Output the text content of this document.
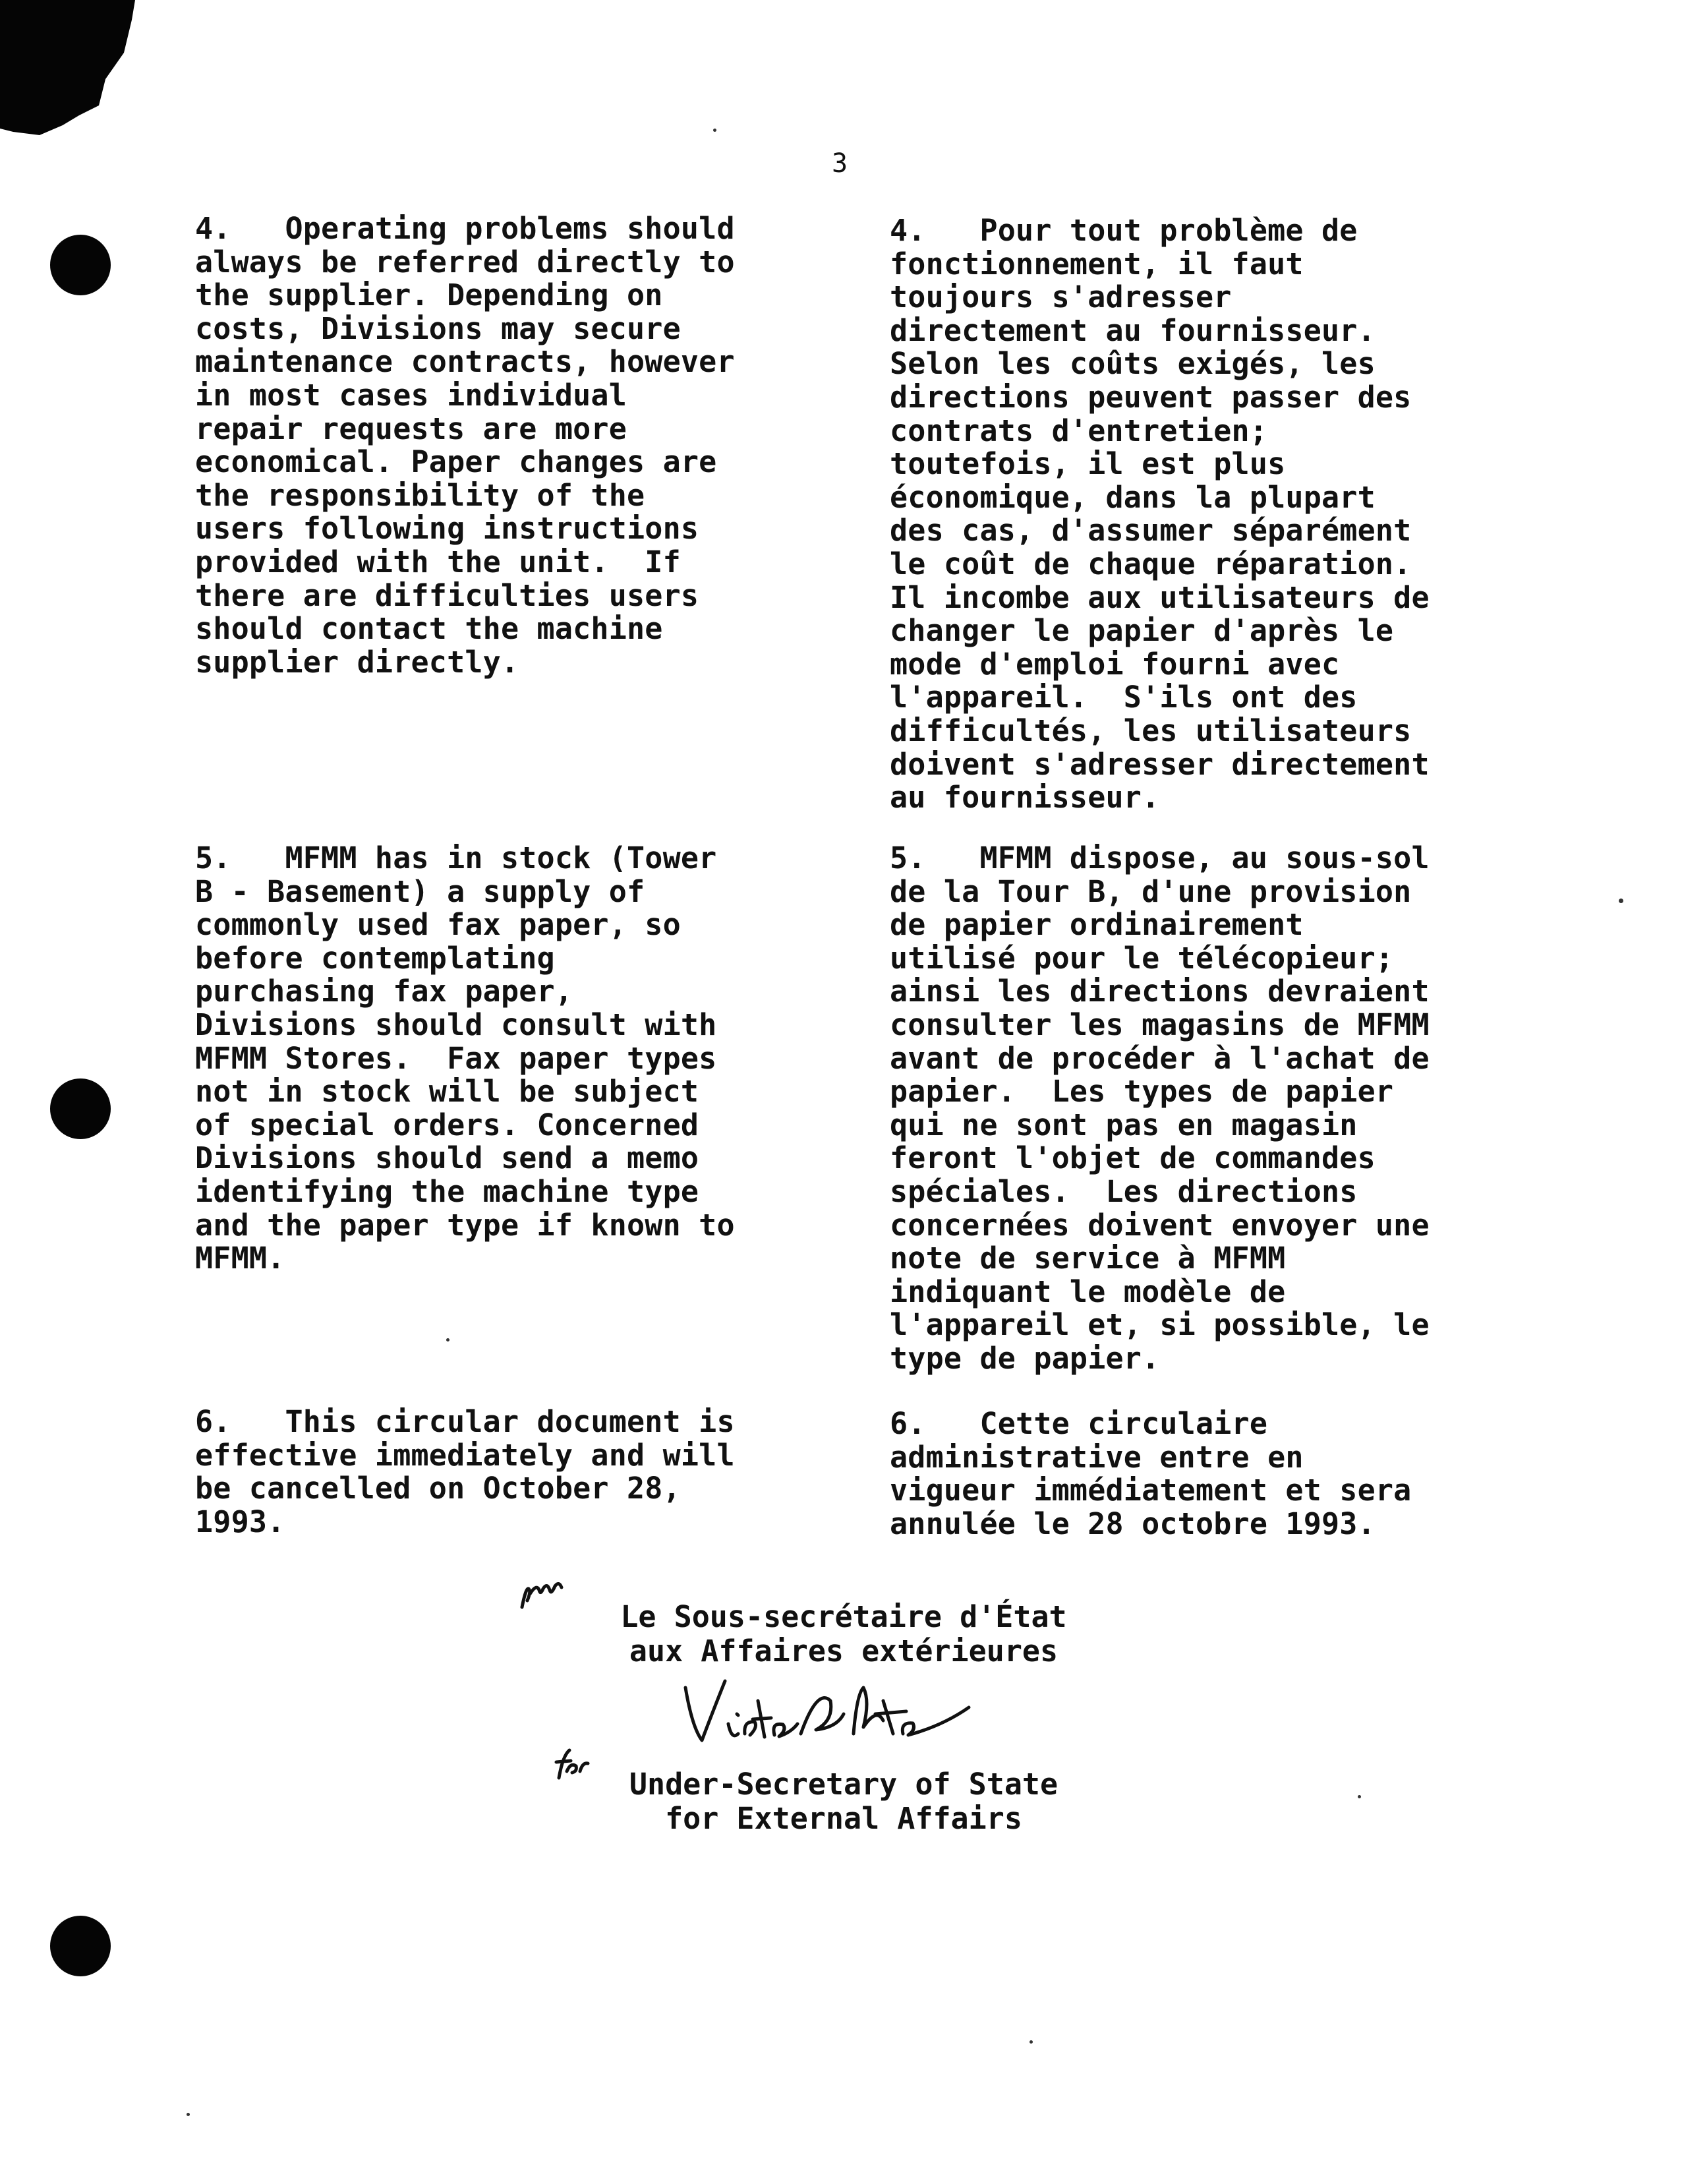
3
4.   Operating problems should
always be referred directly to
the supplier. Depending on
costs, Divisions may secure
maintenance contracts, however
in most cases individual
repair requests are more
economical. Paper changes are
the responsibility of the
users following instructions
provided with the unit.  If
there are difficulties users
should contact the machine
supplier directly.
4.   Pour tout problème de
fonctionnement, il faut
toujours s'adresser
directement au fournisseur.
Selon les coûts exigés, les
directions peuvent passer des
contrats d'entretien;
toutefois, il est plus
économique, dans la plupart
des cas, d'assumer séparément
le coût de chaque réparation.
Il incombe aux utilisateurs de
changer le papier d'après le
mode d'emploi fourni avec
l'appareil.  S'ils ont des
difficultés, les utilisateurs
doivent s'adresser directement
au fournisseur.
5.   MFMM has in stock (Tower
B - Basement) a supply of
commonly used fax paper, so
before contemplating
purchasing fax paper,
Divisions should consult with
MFMM Stores.  Fax paper types
not in stock will be subject
of special orders. Concerned
Divisions should send a memo
identifying the machine type
and the paper type if known to
MFMM.
5.   MFMM dispose, au sous-sol
de la Tour B, d'une provision
de papier ordinairement
utilisé pour le télécopieur;
ainsi les directions devraient
consulter les magasins de MFMM
avant de procéder à l'achat de
papier.  Les types de papier
qui ne sont pas en magasin
feront l'objet de commandes
spéciales.  Les directions
concernées doivent envoyer une
note de service à MFMM
indiquant le modèle de
l'appareil et, si possible, le
type de papier.
6.   This circular document is
effective immediately and will
be cancelled on October 28,
1993.
6.   Cette circulaire
administrative entre en
vigueur immédiatement et sera
annulée le 28 octobre 1993.
Le Sous-secrétaire d'État
aux Affaires extérieures
Under-Secretary of State
for External Affairs
